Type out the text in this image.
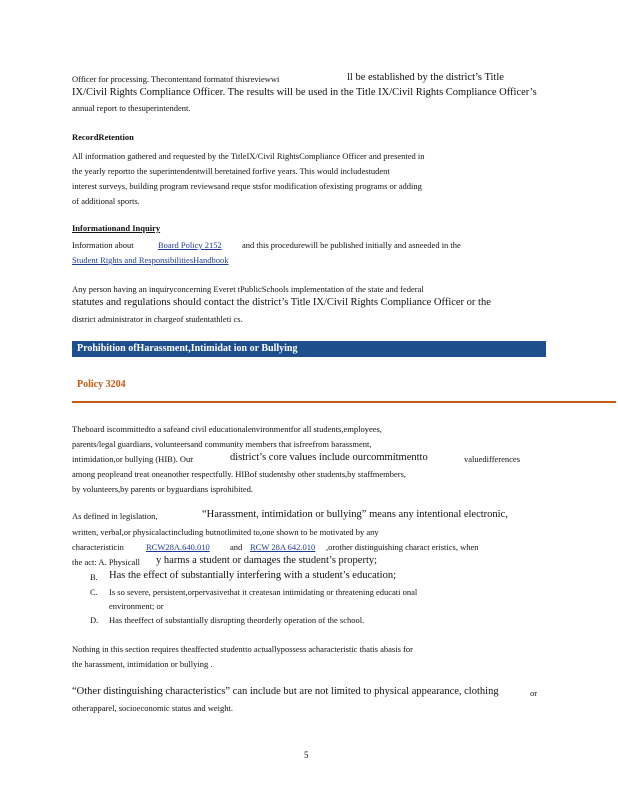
Officer for processing. Thecontentand formatof thisreviewwi	ll be established by the district’s Title
IX/Civil Rights Compliance Officer. The results will be used in the Title IX/Civil Rights Compliance Officer’s
annual report to thesuperintendent.
RecordRetention
All information gathered and requested by the TitleIX/Civil RightsCompliance Officer and presented in
the yearly reportto the superintendentwill beretained forfive years. This would includestudent
interest surveys, building program reviewsand reque stsfor modification ofexisting programs or adding
of additional sports.
Informationand Inquiry
Information about	Board Policy 2152 and this procedurewill be published initially and asneeded in the
Student Rights and ResponsibilitiesHandbook
Any person having an inquiryconcerning Everet tPublicSchools implementation of the state and federal
statutes and regulations should contact the district’s Title IX/Civil Rights Compliance Officer or the
district administrator in chargeof studentathleti cs.
Prohibition ofHarassment,Intimidat ion or Bullying
Policy 3204
Theboard iscommittedto a safeand civil educationalenvironmentfor all students,employees,
parents/legal guardians, volunteersand community members that isfreefrom harassment,
intimidation,or bullying (HIB). Our	district’s core values include ourcommitmentto	valuedifferences
among peopleand treat oneanother respectfully. HIBof studentsby other students,by staffmembers,
by volunteers,by parents or byguardians isprohibited.
As defined in legislation,	“Harassment, intimidation or bullying” means any intentional electronic,
written, verbal,or physicalactincluding butnotlimited to,one shown to be motivated by any
characteristicin	RCW28A.640.010 and RCW 28A 642.010 ,orother distinguishing charact eristics, when
the act: A. Physicall y harms a student or damages the student’s property;
B. Has the effect of substantially interfering with a student’s education;
C. Is so severe, persistent,orpervasivethat it createsan intimidating or threatening educati onal
environment; or
D. Has theeffect of substantially disrupting theorderly operation of the school.
Nothing in this section requires theaffected studentto actuallypossess acharacteristic thatis abasis for
the harassment, intimidation or bullying .
“Other distinguishing characteristics” can include but are not limited to physical appearance, clothing	or
otherapparel, socioeconomic status and weight.
5
